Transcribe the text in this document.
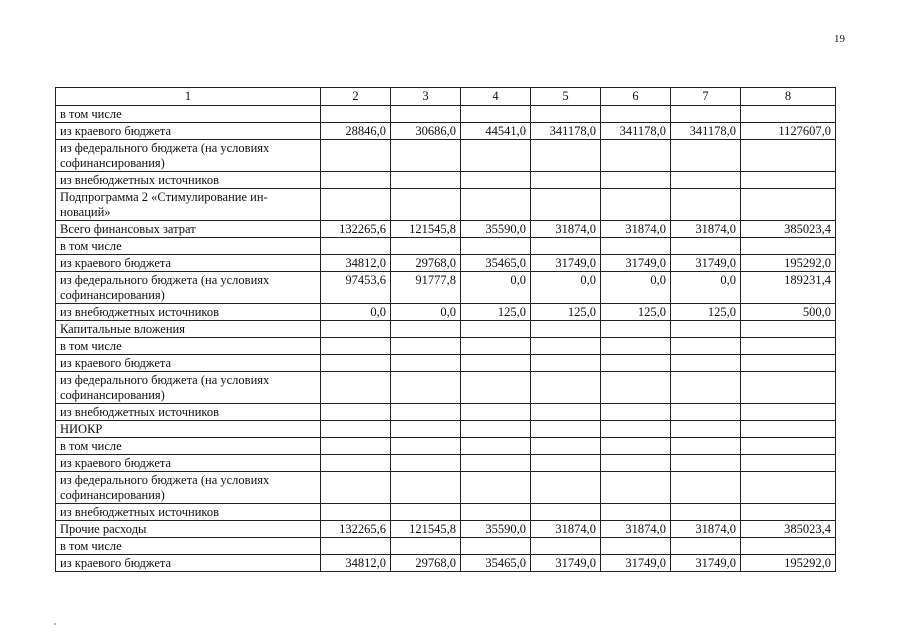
19
1	2	3	4	5	6	7	8
в том числе							
из краевого бюджета	28846,0	30686,0	44541,0	341178,0	341178,0	341178,0	1127607,0
из федерального бюджета (на условиях софинансирования)							
из внебюджетных источников							
Подпрограмма 2 «Стимулирование ин-новаций»							
Всего финансовых затрат	132265,6	121545,8	35590,0	31874,0	31874,0	31874,0	385023,4
в том числе							
из краевого бюджета	34812,0	29768,0	35465,0	31749,0	31749,0	31749,0	195292,0
из федерального бюджета (на условиях софинансирования)	97453,6	91777,8	0,0	0,0	0,0	0,0	189231,4
из внебюджетных источников	0,0	0,0	125,0	125,0	125,0	125,0	500,0
Капитальные вложения							
в том числе							
из краевого бюджета							
из федерального бюджета (на условиях софинансирования)							
из внебюджетных источников							
НИОКР							
в том числе							
из краевого бюджета							
из федерального бюджета (на условиях софинансирования)							
из внебюджетных источников							
Прочие расходы	132265,6	121545,8	35590,0	31874,0	31874,0	31874,0	385023,4
в том числе							
из краевого бюджета	34812,0	29768,0	35465,0	31749,0	31749,0	31749,0	195292,0
